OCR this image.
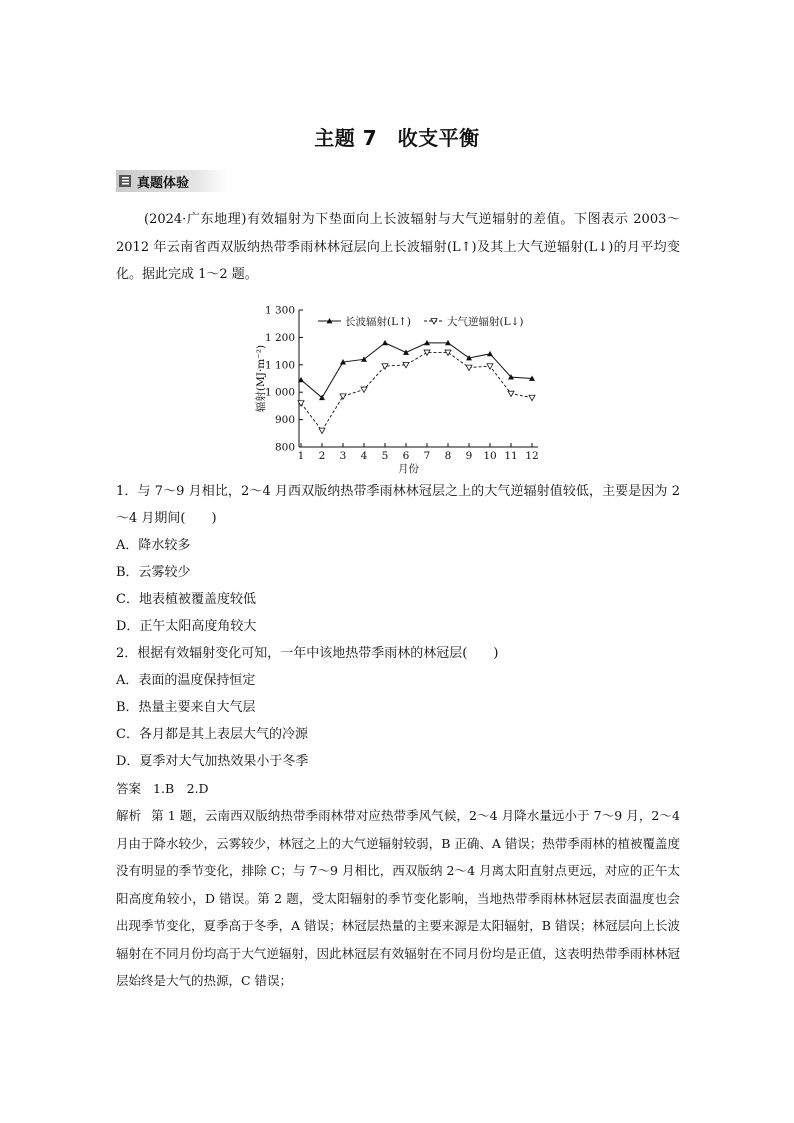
主题 7　收支平衡
真题体验

(2024·广东地理)有效辐射为下垫面向上长波辐射与大气逆辐射的差值。下图表示 2003～2012 年云南省西双版纳热带季雨林林冠层向上长波辐射(L↑)及其上大气逆辐射(L↓)的月平均变化。据此完成 1～2 题。

800
900
1 000
1 100
1 200
1 300
1 2 3 4 5 6 7 8 9 10 11 12
月份
辐射(MJ·m⁻²)
长波辐射(L↑)	大气逆辐射(L↓)

1．与 7～9 月相比，2～4 月西双版纳热带季雨林林冠层之上的大气逆辐射值较低，主要是因为 2～4 月期间(　　)

A．降水较多

B．云雾较少

C．地表植被覆盖度较低

D．正午太阳高度角较大

2．根据有效辐射变化可知，一年中该地热带季雨林的林冠层(　　)

A．表面的温度保持恒定

B．热量主要来自大气层

C．各月都是其上表层大气的冷源

D．夏季对大气加热效果小于冬季

答案 1.B　2.D

解析 第 1 题，云南西双版纳热带季雨林带对应热带季风气候，2～4 月降水量远小于 7～9 月，2～4 月由于降水较少，云雾较少，林冠之上的大气逆辐射较弱，B 正确、A 错误；热带季雨林的植被覆盖度没有明显的季节变化，排除 C；与 7～9 月相比，西双版纳 2～4 月离太阳直射点更远，对应的正午太阳高度角较小，D 错误。第 2 题，受太阳辐射的季节变化影响，当地热带季雨林林冠层表面温度也会出现季节变化，夏季高于冬季，A 错误；林冠层热量的主要来源是太阳辐射，B 错误；林冠层向上长波辐射在不同月份均高于大气逆辐射，因此林冠层有效辐射在不同月份均是正值，这表明热带季雨林林冠层始终是大气的热源，C 错误；
